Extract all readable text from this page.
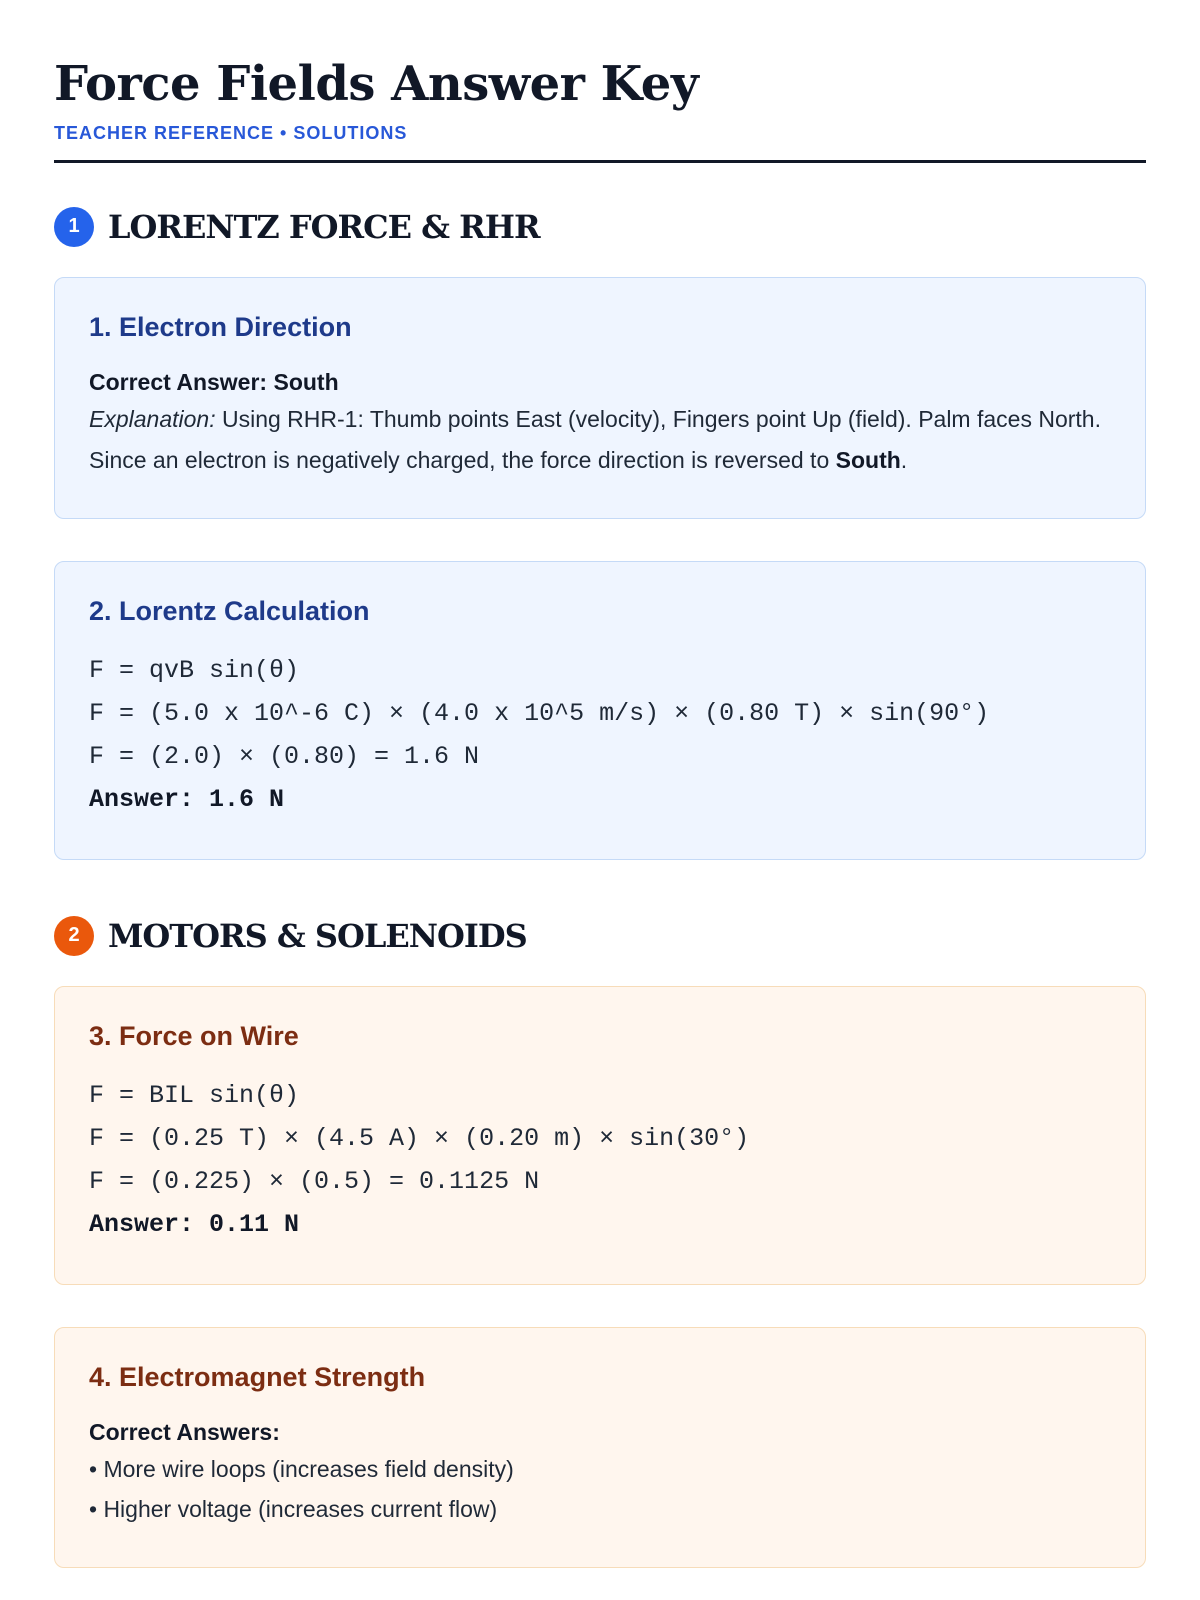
Force Fields Answer Key
TEACHER REFERENCE • SOLUTIONS
1 LORENTZ FORCE & RHR
1. Electron Direction
Correct Answer: South
Explanation: Using RHR-1: Thumb points East (velocity), Fingers point Up (field). Palm faces North. Since an electron is negatively charged, the force direction is reversed to South.
2. Lorentz Calculation
F = qvB sin(θ)
F = (5.0 x 10^-6 C) × (4.0 x 10^5 m/s) × (0.80 T) × sin(90°)
F = (2.0) × (0.80) = 1.6 N
Answer: 1.6 N
2 MOTORS & SOLENOIDS
3. Force on Wire
F = BIL sin(θ)
F = (0.25 T) × (4.5 A) × (0.20 m) × sin(30°)
F = (0.225) × (0.5) = 0.1125 N
Answer: 0.11 N
4. Electromagnet Strength
Correct Answers:
• More wire loops (increases field density)
• Higher voltage (increases current flow)
